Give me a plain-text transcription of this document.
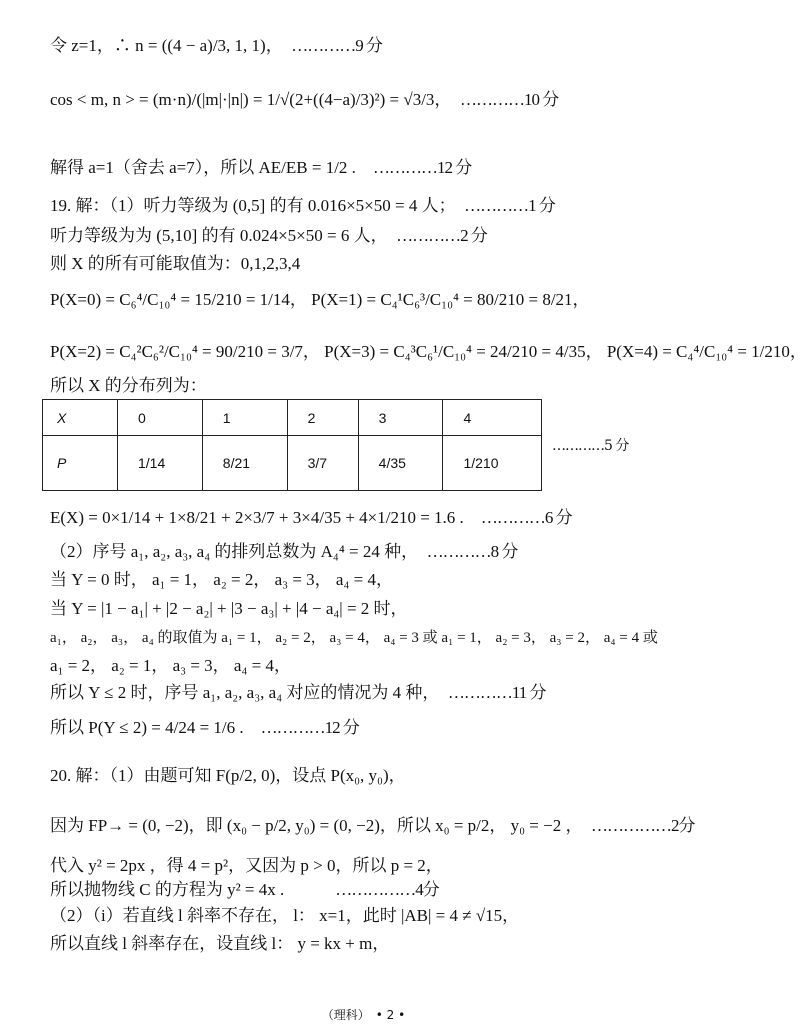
令 z=1，∴ n = ((4 − a)/3, 1, 1)，　 …………9 分
cos < m, n > = (m·n)/(|m|·|n|) = 1/√(2+((4−a)/3)²) = √3/3，　 …………10 分
解得 a=1（舍去 a=7），所以 AE/EB = 1/2 .　 …………12 分
19. 解：（1）听力等级为 (0,5] 的有 0.016×5×50 = 4 人；　 …………1 分
听力等级为为 (5,10] 的有 0.024×5×50 = 6 人，　 …………2 分
则 X 的所有可能取值为：0,1,2,3,4
P(X=0) = C₆⁴/C₁₀⁴ = 15/210 = 1/14， P(X=1) = C₄¹C₆³/C₁₀⁴ = 80/210 = 8/21，
P(X=2) = C₄²C₆²/C₁₀⁴ = 90/210 = 3/7， P(X=3) = C₄³C₆¹/C₁₀⁴ = 24/210 = 4/35， P(X=4) = C₄⁴/C₁₀⁴ = 1/210，
所以 X 的分布列为：
X	0	1	2	3	4
P	1/14	8/21	3/7	4/35	1/210
…………5 分
E(X) = 0×1/14 + 1×8/21 + 2×3/7 + 3×4/35 + 4×1/210 = 1.6 .　 …………6 分
（2）序号 a₁, a₂, a₃, a₄ 的排列总数为 A₄⁴ = 24 种，　 …………8 分
当 Y = 0 时， a₁ = 1， a₂ = 2， a₃ = 3， a₄ = 4，
当 Y = |1 − a₁| + |2 − a₂| + |3 − a₃| + |4 − a₄| = 2 时，
a₁， a₂， a₃， a₄ 的取值为 a₁ = 1， a₂ = 2， a₃ = 4， a₄ = 3 或 a₁ = 1， a₂ = 3， a₃ = 2， a₄ = 4 或
a₁ = 2， a₂ = 1， a₃ = 3， a₄ = 4，
所以 Y ≤ 2 时，序号 a₁, a₂, a₃, a₄ 对应的情况为 4 种，　 …………11 分
所以 P(Y ≤ 2) = 4/24 = 1/6 .　 …………12 分
20. 解：（1）由题可知 F(p/2, 0)，设点 P(x₀, y₀)，
因为 FP→ = (0, −2)，即 (x₀ − p/2, y₀) = (0, −2)，所以 x₀ = p/2， y₀ = −2 ，　 ……………2分
代入 y² = 2px ，得 4 = p²，又因为 p > 0，所以 p = 2，
所以抛物线 C 的方程为 y² = 4x .　　　	……………4分
（2）（i）若直线 l 斜率不存在， l： x=1，此时 |AB| = 4 ≠ √15，
所以直线 l 斜率存在，设直线 l： y = kx + m，
（理科）　• 2 •
